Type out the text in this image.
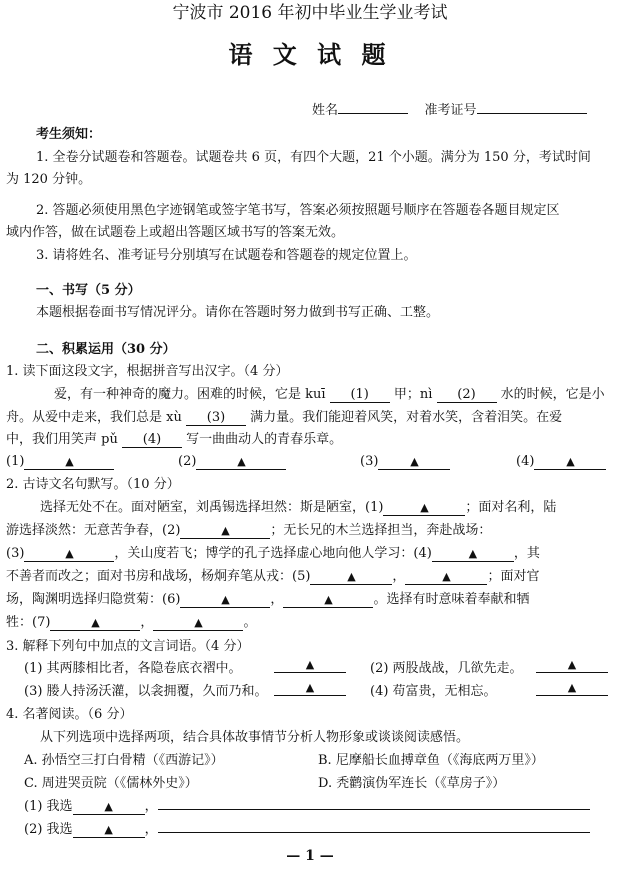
宁波市 2016 年初中毕业生学业考试
语 文 试 题
姓名	准考证号
考生须知：
1. 全卷分试题卷和答题卷。试题卷共 6 页，有四个大题，21 个小题。满分为 150 分，考试时间
为 120 分钟。
2. 答题必须使用黑色字迹钢笔或签字笔书写，答案必须按照题号顺序在答题卷各题目规定区
域内作答，做在试题卷上或超出答题区域书写的答案无效。
3. 请将姓名、准考证号分别填写在试题卷和答题卷的规定位置上。
一、书写（5 分）
本题根据卷面书写情况评分。请你在答题时努力做到书写正确、工整。
二、积累运用（30 分）
1. 读下面这段文字，根据拼音写出汉字。（4 分）
爱，有一种神奇的魔力。困难的时候，它是 kuī (1) 甲；nì (2) 水的时候，它是小
舟。从爱中走来，我们总是 xù (3) 满力量。我们能迎着风笑，对着水笑，含着泪笑。在爱
中，我们用笑声 pǔ (4) 写一曲曲动人的青春乐章。
(1)	▲	(2)	▲	(3)	▲	(4)	▲
2. 古诗文名句默写。（10 分）
选择无处不在。面对陋室，刘禹锡选择坦然：斯是陋室，(1)	▲	；面对名利，陆
游选择淡然：无意苦争春，(2)	▲	；无长兄的木兰选择担当，奔赴战场：
(3)	▲	，关山度若飞；博学的孔子选择虚心地向他人学习：(4)	▲	，其
不善者而改之；面对书房和战场，杨炯弃笔从戎：(5)	▲	，	▲	；面对官
场，陶渊明选择归隐赏菊：(6)	▲	，	▲	。选择有时意味着奉献和牺
牲：(7)	▲	，	▲	。
3. 解释下列句中加点的文言词语。（4 分）
(1) 其两膝相比者，各隐卷底衣褶中。	▲	(2) 两股战战，几欲先走。	▲
(3) 媵人持汤沃灌，以衾拥覆，久而乃和。	▲	(4) 苟富贵，无相忘。	▲
4. 名著阅读。（6 分）
从下列选项中选择两项，结合具体故事情节分析人物形象或谈谈阅读感悟。
A. 孙悟空三打白骨精（《西游记》）	B. 尼摩船长血搏章鱼（《海底两万里》）
C. 周进哭贡院（《儒林外史》）	D. 秃鹳演伪军连长（《草房子》）
(1) 我选	▲ ，
(2) 我选	▲ ，
— 1 —
